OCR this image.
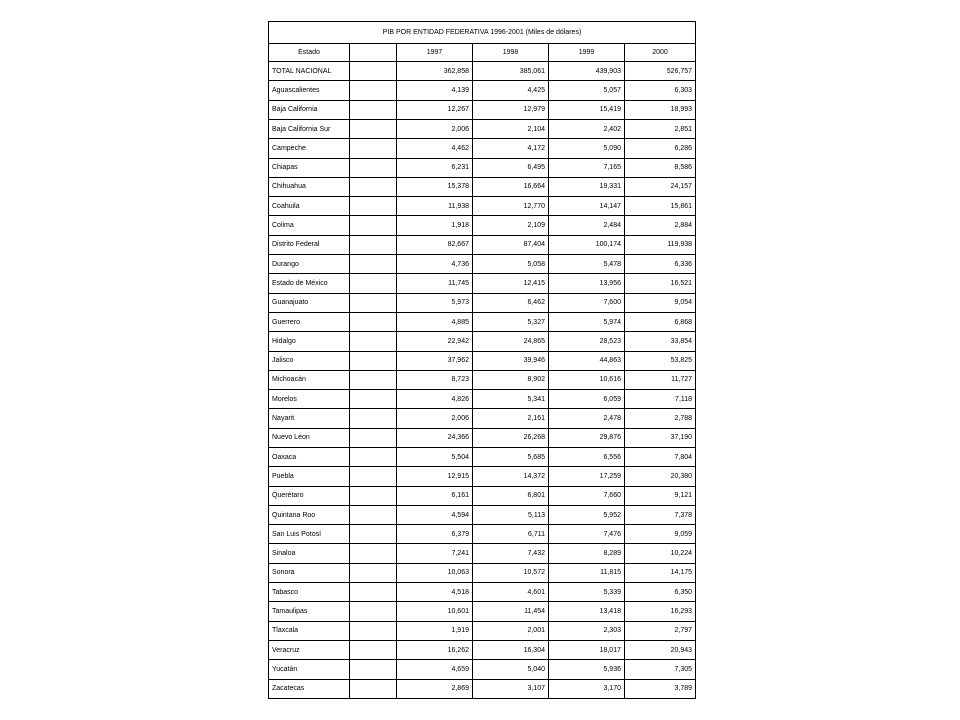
PIB POR ENTIDAD FEDERATIVA 1996-2001 (Miles de dólares)					
Estado		1997	1998	1999	2000
TOTAL NACIONAL		362,858	385,061	439,903	526,757
Aguascalientes		4,139	4,425	5,057	6,303
Baja California		12,267	12,979	15,419	18,993
Baja California Sur		2,006	2,104	2,402	2,851
Campeche		4,462	4,172	5,090	6,286
Chiapas		6,231	6,495	7,165	8,586
Chihuahua		15,378	16,664	19,331	24,157
Coahuila		11,938	12,770	14,147	15,861
Colima		1,918	2,109	2,484	2,884
Distrito Federal		82,667	87,404	100,174	119,938
Durango		4,736	5,058	5,478	6,336
Estado de México		11,745	12,415	13,956	16,521
Guanajuato		5,973	6,462	7,600	9,054
Guerrero		4,885	5,327	5,974	6,868
Hidalgo		22,942	24,865	28,523	33,854
Jalisco		37,962	39,946	44,863	53,825
Michoacán		8,723	8,902	10,616	11,727
Morelos		4,826	5,341	6,059	7,118
Nayarit		2,006	2,161	2,478	2,788
Nuevo Leon		24,366	26,268	29,876	37,190
Oaxaca		5,504	5,685	6,556	7,804
Puebla		12,915	14,372	17,259	20,380
Querétaro		6,161	6,801	7,660	9,121
Quintana Roo		4,594	5,113	5,952	7,378
San Luis Potosí		6,379	6,711	7,476	9,059
Sinaloa		7,241	7,432	8,289	10,224
Sonora		10,063	10,572	11,815	14,175
Tabasco		4,518	4,601	5,339	6,350
Tamaulipas		10,601	11,454	13,418	16,293
Tlaxcala		1,919	2,001	2,303	2,797
Veracruz		16,262	16,304	18,017	20,943
Yucatán		4,659	5,040	5,936	7,305
Zacatecas		2,869	3,107	3,170	3,789
